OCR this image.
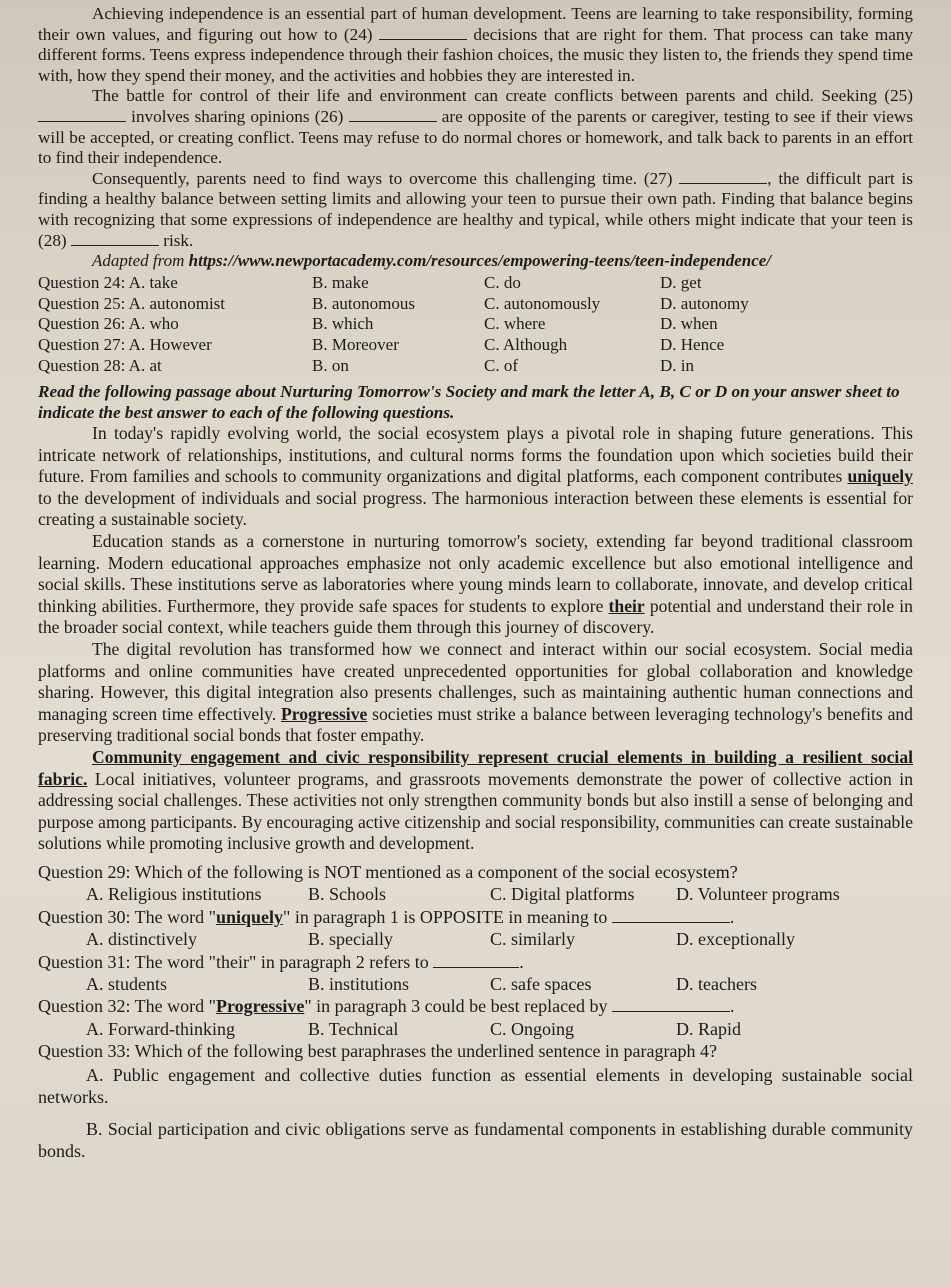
Achieving independence is an essential part of human development. Teens are learning to take responsibility, forming their own values, and figuring out how to (24)	decisions that are right for them. That process can take many different forms. Teens express independence through their fashion choices, the music they listen to, the friends they spend time with, how they spend their money, and the activities and hobbies they are interested in.

The battle for control of their life and environment can create conflicts between parents and child. Seeking (25)  involves sharing opinions (26)	are opposite of the parents or caregiver, testing to see if their views will be accepted, or creating conflict. Teens may refuse to do normal chores or homework, and talk back to parents in an effort to find their independence.

Consequently, parents need to find ways to overcome this challenging time. (27)	, the difficult part is finding a healthy balance between setting limits and allowing your teen to pursue their own path. Finding that balance begins with recognizing that some expressions of independence are healthy and typical, while others might indicate that your teen is (28)	risk.

Adapted from https://www.newportacademy.com/resources/empowering-teens/teen-independence/

Question 24: A. take	B. make	C. do	D. get
Question 25: A. autonomist	B. autonomous	C. autonomously	D. autonomy
Question 26: A. who	B. which	C. where	D. when
Question 27: A. However	B. Moreover	C. Although	D. Hence
Question 28: A. at	B. on	C. of	D. in

Read the following passage about Nurturing Tomorrow's Society and mark the letter A, B, C or D on your answer sheet to indicate the best answer to each of the following questions.

In today's rapidly evolving world, the social ecosystem plays a pivotal role in shaping future generations. This intricate network of relationships, institutions, and cultural norms forms the foundation upon which societies build their future. From families and schools to community organizations and digital platforms, each component contributes uniquely to the development of individuals and social progress. The harmonious interaction between these elements is essential for creating a sustainable society.

Education stands as a cornerstone in nurturing tomorrow's society, extending far beyond traditional classroom learning. Modern educational approaches emphasize not only academic excellence but also emotional intelligence and social skills. These institutions serve as laboratories where young minds learn to collaborate, innovate, and develop critical thinking abilities. Furthermore, they provide safe spaces for students to explore their potential and understand their role in the broader social context, while teachers guide them through this journey of discovery.

The digital revolution has transformed how we connect and interact within our social ecosystem. Social media platforms and online communities have created unprecedented opportunities for global collaboration and knowledge sharing. However, this digital integration also presents challenges, such as maintaining authentic human connections and managing screen time effectively. Progressive societies must strike a balance between leveraging technology's benefits and preserving traditional social bonds that foster empathy.

Community engagement and civic responsibility represent crucial elements in building a resilient social fabric. Local initiatives, volunteer programs, and grassroots movements demonstrate the power of collective action in addressing social challenges. These activities not only strengthen community bonds but also instill a sense of belonging and purpose among participants. By encouraging active citizenship and social responsibility, communities can create sustainable solutions while promoting inclusive growth and development.

Question 29: Which of the following is NOT mentioned as a component of the social ecosystem?

A. Religious institutions	B. Schools	C. Digital platforms	D. Volunteer programs

Question 30: The word "uniquely" in paragraph 1 is OPPOSITE in meaning to	.

A. distinctively	B. specially	C. similarly	D. exceptionally

Question 31: The word "their" in paragraph 2 refers to	.

A. students	B. institutions	C. safe spaces	D. teachers

Question 32: The word "Progressive" in paragraph 3 could be best replaced by	.

A. Forward-thinking	B. Technical	C. Ongoing	D. Rapid

Question 33: Which of the following best paraphrases the underlined sentence in paragraph 4?

A. Public engagement and collective duties function as essential elements in developing sustainable social networks.

B. Social participation and civic obligations serve as fundamental components in establishing durable community bonds.
